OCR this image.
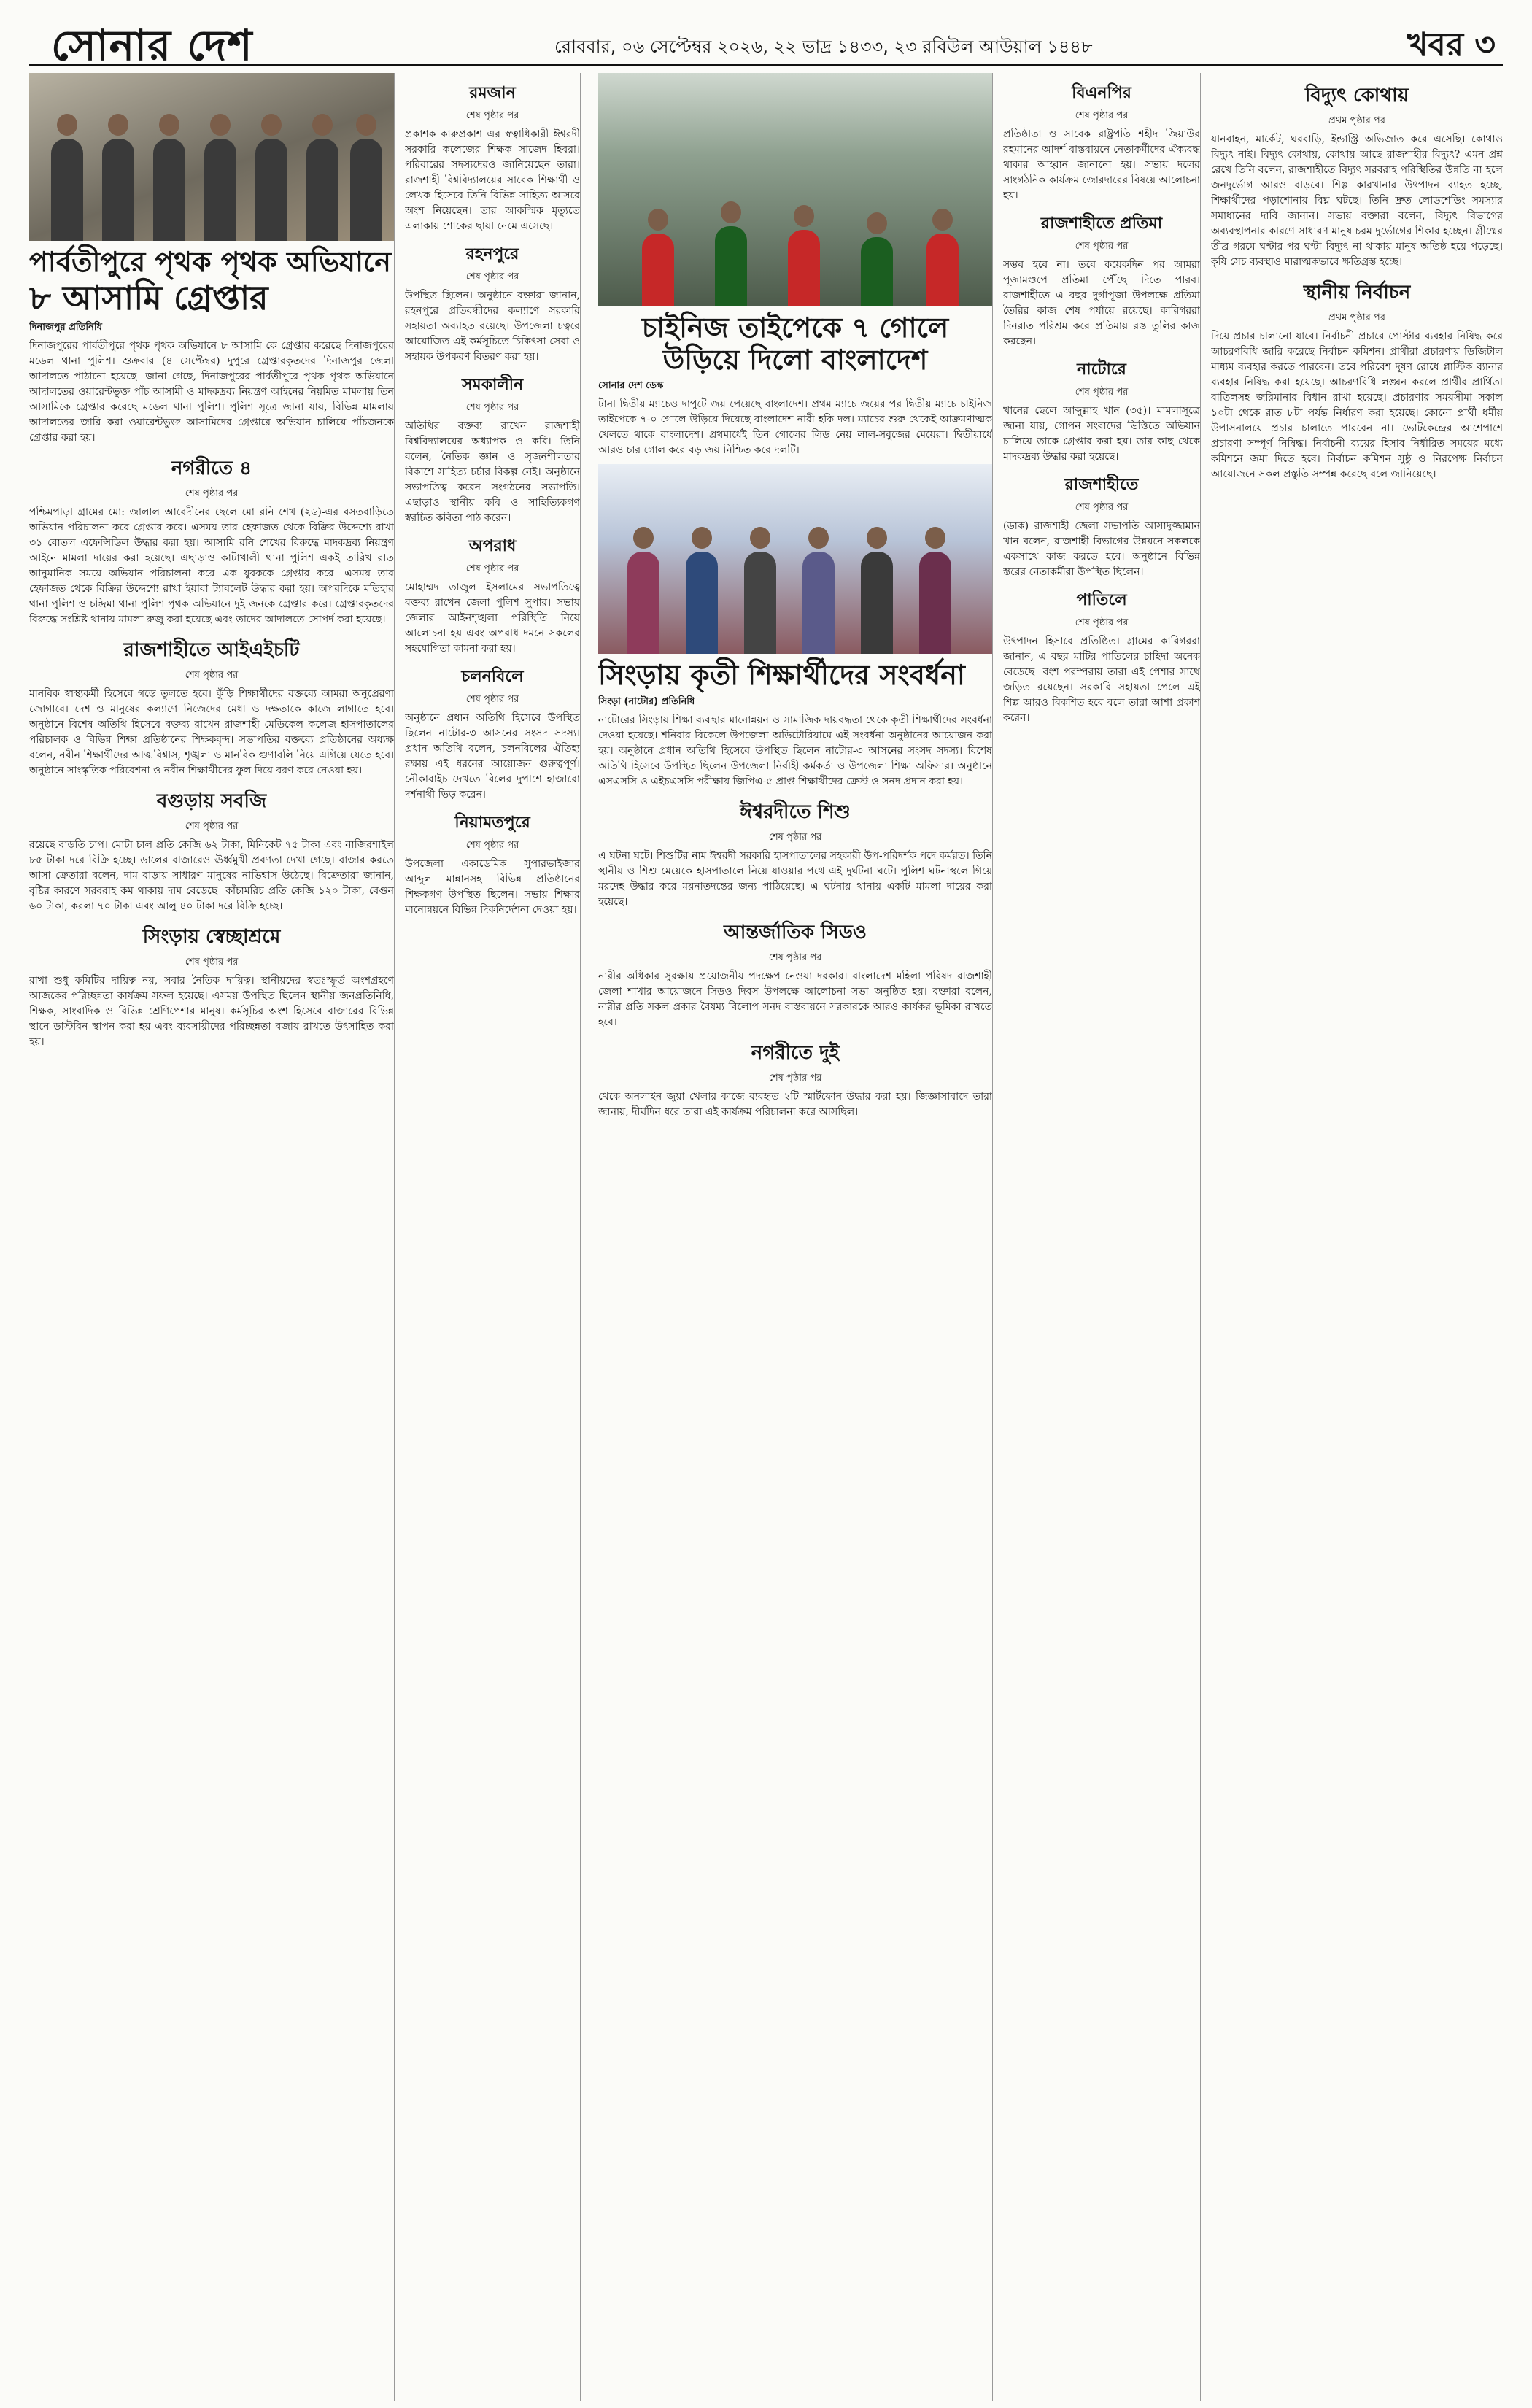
সোনার দেশ	রোববার, ০৬ সেপ্টেম্বর ২০২৬, ২২ ভাদ্র ১৪৩৩, ২৩ রবিউল আউয়াল ১৪৪৮	খবর ৩
পার্বতীপুরে পৃথক পৃথক অভিযানে
৮ আসামি গ্রেপ্তার
দিনাজপুর প্রতিনিধি

দিনাজপুরের পার্বতীপুরে পৃথক পৃথক অভিযানে ৮ আসামি কে গ্রেপ্তার করেছে দিনাজপুরের মডেল থানা পুলিশ। শুক্রবার (৪ সেপ্টেম্বর) দুপুরে গ্রেপ্তারকৃতদের দিনাজপুর জেলা আদালতে পাঠানো হয়েছে। জানা গেছে, দিনাজপুরের পার্বতীপুরে পৃথক পৃথক অভিযানে আদালতের ওয়ারেন্টভুক্ত পাঁচ আসামী ও মাদকদ্রব্য নিয়ন্ত্রণ আইনের নিয়মিত মামলায় তিন আসামিকে গ্রেপ্তার করেছে মডেল থানা পুলিশ। পুলিশ সূত্রে জানা যায়, বিভিন্ন মামলায় আদালতের জারি করা ওয়ারেন্টভুক্ত আসামিদের গ্রেপ্তারে অভিযান চালিয়ে পাঁচজনকে গ্রেপ্তার করা হয়।

নগরীতে ৪
শেষ পৃষ্ঠার পর

পশ্চিমপাড়া গ্রামের মো: জালাল আবেদীনের ছেলে মো রনি শেখ (২৬)-এর বসতবাড়িতে অভিযান পরিচালনা করে গ্রেপ্তার করে। এসময় তার হেফাজত থেকে বিক্রির উদ্দেশ্যে রাখা ৩১ বোতল এফেন্সিডিল উদ্ধার করা হয়। আসামি রনি শেখের বিরুদ্ধে মাদকদ্রব্য নিয়ন্ত্রণ আইনে মামলা দায়ের করা হয়েছে। এছাড়াও কাটাখালী থানা পুলিশ একই তারিখ রাত আনুমানিক সময়ে অভিযান পরিচালনা করে এক যুবককে গ্রেপ্তার করে। এসময় তার হেফাজত থেকে বিক্রির উদ্দেশ্যে রাখা ইয়াবা ট্যাবলেট উদ্ধার করা হয়। অপরদিকে মতিহার থানা পুলিশ ও চন্দ্রিমা থানা পুলিশ পৃথক অভিযানে দুই জনকে গ্রেপ্তার করে। গ্রেপ্তারকৃতদের বিরুদ্ধে সংশ্লিষ্ট থানায় মামলা রুজু করা হয়েছে এবং তাদের আদালতে সোপর্দ করা হয়েছে।

রাজশাহীতে আইএইচটি
শেষ পৃষ্ঠার পর

মানবিক স্বাস্থ্যকর্মী হিসেবে গড়ে তুলতে হবে। কুঁড়ি শিক্ষার্থীদের বক্তব্যে আমরা অনুপ্রেরণা জোগাবে। দেশ ও মানুষের কল্যাণে নিজেদের মেধা ও দক্ষতাকে কাজে লাগাতে হবে। অনুষ্ঠানে বিশেষ অতিথি হিসেবে বক্তব্য রাখেন রাজশাহী মেডিকেল কলেজ হাসপাতালের পরিচালক ও বিভিন্ন শিক্ষা প্রতিষ্ঠানের শিক্ষকবৃন্দ। সভাপতির বক্তব্যে প্রতিষ্ঠানের অধ্যক্ষ বলেন, নবীন শিক্ষার্থীদের আত্মবিশ্বাস, শৃঙ্খলা ও মানবিক গুণাবলি নিয়ে এগিয়ে যেতে হবে। অনুষ্ঠানে সাংস্কৃতিক পরিবেশনা ও নবীন শিক্ষার্থীদের ফুল দিয়ে বরণ করে নেওয়া হয়।

বগুড়ায় সবজি
শেষ পৃষ্ঠার পর

রয়েছে বাড়তি চাপ। মোটা চাল প্রতি কেজি ৬২ টাকা, মিনিকেট ৭৫ টাকা এবং নাজিরশাইল ৮৫ টাকা দরে বিক্রি হচ্ছে। ডালের বাজারেও ঊর্ধ্বমুখী প্রবণতা দেখা গেছে। বাজার করতে আসা ক্রেতারা বলেন, দাম বাড়ায় সাধারণ মানুষের নাভিশ্বাস উঠেছে। বিক্রেতারা জানান, বৃষ্টির কারণে সরবরাহ কম থাকায় দাম বেড়েছে। কাঁচামরিচ প্রতি কেজি ১২০ টাকা, বেগুন ৬০ টাকা, করলা ৭০ টাকা এবং আলু ৪০ টাকা দরে বিক্রি হচ্ছে।

সিংড়ায় স্বেচ্ছাশ্রমে
শেষ পৃষ্ঠার পর

রাখা শুধু কমিটির দায়িত্ব নয়, সবার নৈতিক দায়িত্ব। স্থানীয়দের স্বতঃস্ফূর্ত অংশগ্রহণে আজকের পরিচ্ছন্নতা কার্যক্রম সফল হয়েছে। এসময় উপস্থিত ছিলেন স্থানীয় জনপ্রতিনিধি, শিক্ষক, সাংবাদিক ও বিভিন্ন শ্রেণিপেশার মানুষ। কর্মসূচির অংশ হিসেবে বাজারের বিভিন্ন স্থানে ডাস্টবিন স্থাপন করা হয় এবং ব্যবসায়ীদের পরিচ্ছন্নতা বজায় রাখতে উৎসাহিত করা হয়।

রমজান
শেষ পৃষ্ঠার পর

প্রকাশক কারুপ্রকাশ এর স্বত্বাধিকারী ঈশ্বরদী সরকারি কলেজের শিক্ষক সাজেদ হিবরা। পরিবারের সদস্যদেরও জানিয়েছেন তারা। রাজশাহী বিশ্ববিদ্যালয়ের সাবেক শিক্ষার্থী ও লেখক হিসেবে তিনি বিভিন্ন সাহিত্য আসরে অংশ নিয়েছেন। তার আকস্মিক মৃত্যুতে এলাকায় শোকের ছায়া নেমে এসেছে।

রহনপুরে
শেষ পৃষ্ঠার পর

উপস্থিত ছিলেন। অনুষ্ঠানে বক্তারা জানান, রহনপুরে প্রতিবন্ধীদের কল্যাণে সরকারি সহায়তা অব্যাহত রয়েছে। উপজেলা চত্বরে আয়োজিত এই কর্মসূচিতে চিকিৎসা সেবা ও সহায়ক উপকরণ বিতরণ করা হয়।

সমকালীন
শেষ পৃষ্ঠার পর

অতিথির বক্তব্য রাখেন রাজশাহী বিশ্ববিদ্যালয়ের অধ্যাপক ও কবি। তিনি বলেন, নৈতিক জ্ঞান ও সৃজনশীলতার বিকাশে সাহিত্য চর্চার বিকল্প নেই। অনুষ্ঠানে সভাপতিত্ব করেন সংগঠনের সভাপতি। এছাড়াও স্থানীয় কবি ও সাহিত্যিকগণ স্বরচিত কবিতা পাঠ করেন।

অপরাধ
শেষ পৃষ্ঠার পর

মোহাম্মদ তাজুল ইসলামের সভাপতিত্বে বক্তব্য রাখেন জেলা পুলিশ সুপার। সভায় জেলার আইনশৃঙ্খলা পরিস্থিতি নিয়ে আলোচনা হয় এবং অপরাধ দমনে সকলের সহযোগিতা কামনা করা হয়।

চলনবিলে
শেষ পৃষ্ঠার পর

অনুষ্ঠানে প্রধান অতিথি হিসেবে উপস্থিত ছিলেন নাটোর-৩ আসনের সংসদ সদস্য। প্রধান অতিথি বলেন, চলনবিলের ঐতিহ্য রক্ষায় এই ধরনের আয়োজন গুরুত্বপূর্ণ। নৌকাবাইচ দেখতে বিলের দুপাশে হাজারো দর্শনার্থী ভিড় করেন।

নিয়ামতপুরে
শেষ পৃষ্ঠার পর

উপজেলা একাডেমিক সুপারভাইজার আব্দুল মান্নানসহ বিভিন্ন প্রতিষ্ঠানের শিক্ষকগণ উপস্থিত ছিলেন। সভায় শিক্ষার মানোন্নয়নে বিভিন্ন দিকনির্দেশনা দেওয়া হয়।

চাইনিজ তাইপেকে ৭ গোলে
উড়িয়ে দিলো বাংলাদেশ
সোনার দেশ ডেস্ক

টানা দ্বিতীয় ম্যাচেও দাপুটে জয় পেয়েছে বাংলাদেশ। প্রথম ম্যাচে জয়ের পর দ্বিতীয় ম্যাচে চাইনিজ তাইপেকে ৭-০ গোলে উড়িয়ে দিয়েছে বাংলাদেশ নারী হকি দল। ম্যাচের শুরু থেকেই আক্রমণাত্মক খেলতে থাকে বাংলাদেশ। প্রথমার্ধেই তিন গোলের লিড নেয় লাল-সবুজের মেয়েরা। দ্বিতীয়ার্ধে আরও চার গোল করে বড় জয় নিশ্চিত করে দলটি।

সিংড়ায় কৃতী শিক্ষার্থীদের সংবর্ধনা
সিংড়া (নাটোর) প্রতিনিধি

নাটোরের সিংড়ায় শিক্ষা ব্যবস্থার মানোন্নয়ন ও সামাজিক দায়বদ্ধতা থেকে কৃতী শিক্ষার্থীদের সংবর্ধনা দেওয়া হয়েছে। শনিবার বিকেলে উপজেলা অডিটোরিয়ামে এই সংবর্ধনা অনুষ্ঠানের আয়োজন করা হয়। অনুষ্ঠানে প্রধান অতিথি হিসেবে উপস্থিত ছিলেন নাটোর-৩ আসনের সংসদ সদস্য। বিশেষ অতিথি হিসেবে উপস্থিত ছিলেন উপজেলা নির্বাহী কর্মকর্তা ও উপজেলা শিক্ষা অফিসার। অনুষ্ঠানে এসএসসি ও এইচএসসি পরীক্ষায় জিপিএ-৫ প্রাপ্ত শিক্ষার্থীদের ক্রেস্ট ও সনদ প্রদান করা হয়।

ঈশ্বরদীতে শিশু
শেষ পৃষ্ঠার পর

এ ঘটনা ঘটে। শিশুটির নাম ঈশ্বরদী সরকারি হাসপাতালের সহকারী উপ-পরিদর্শক পদে কর্মরত। তিনি স্থানীয় ও শিশু মেয়েকে হাসপাতালে নিয়ে যাওয়ার পথে এই দুর্ঘটনা ঘটে। পুলিশ ঘটনাস্থলে গিয়ে মরদেহ উদ্ধার করে ময়নাতদন্তের জন্য পাঠিয়েছে। এ ঘটনায় থানায় একটি মামলা দায়ের করা হয়েছে।

আন্তর্জাতিক সিডও
শেষ পৃষ্ঠার পর

নারীর অধিকার সুরক্ষায় প্রয়োজনীয় পদক্ষেপ নেওয়া দরকার। বাংলাদেশ মহিলা পরিষদ রাজশাহী জেলা শাখার আয়োজনে সিডও দিবস উপলক্ষে আলোচনা সভা অনুষ্ঠিত হয়। বক্তারা বলেন, নারীর প্রতি সকল প্রকার বৈষম্য বিলোপ সনদ বাস্তবায়নে সরকারকে আরও কার্যকর ভূমিকা রাখতে হবে।

নগরীতে দুই
শেষ পৃষ্ঠার পর

থেকে অনলাইন জুয়া খেলার কাজে ব্যবহৃত ২টি স্মার্টফোন উদ্ধার করা হয়। জিজ্ঞাসাবাদে তারা জানায়, দীর্ঘদিন ধরে তারা এই কার্যক্রম পরিচালনা করে আসছিল।

বিএনপির
শেষ পৃষ্ঠার পর

প্রতিষ্ঠাতা ও সাবেক রাষ্ট্রপতি শহীদ জিয়াউর রহমানের আদর্শ বাস্তবায়নে নেতাকর্মীদের ঐক্যবদ্ধ থাকার আহ্বান জানানো হয়। সভায় দলের সাংগঠনিক কার্যক্রম জোরদারের বিষয়ে আলোচনা হয়।

রাজশাহীতে প্রতিমা
শেষ পৃষ্ঠার পর

সম্ভব হবে না। তবে কয়েকদিন পর আমরা পূজামণ্ডপে প্রতিমা পৌঁছে দিতে পারব। রাজশাহীতে এ বছর দুর্গাপূজা উপলক্ষে প্রতিমা তৈরির কাজ শেষ পর্যায়ে রয়েছে। কারিগররা দিনরাত পরিশ্রম করে প্রতিমায় রঙ তুলির কাজ করছেন।

নাটোরে
শেষ পৃষ্ঠার পর

খানের ছেলে আব্দুল্লাহ খান (৩৫)। মামলাসূত্রে জানা যায়, গোপন সংবাদের ভিত্তিতে অভিযান চালিয়ে তাকে গ্রেপ্তার করা হয়। তার কাছ থেকে মাদকদ্রব্য উদ্ধার করা হয়েছে।

রাজশাহীতে
শেষ পৃষ্ঠার পর

(ডাক) রাজশাহী জেলা সভাপতি আসাদুজ্জামান খান বলেন, রাজশাহী বিভাগের উন্নয়নে সকলকে একসাথে কাজ করতে হবে। অনুষ্ঠানে বিভিন্ন স্তরের নেতাকর্মীরা উপস্থিত ছিলেন।

পাতিলে
শেষ পৃষ্ঠার পর

উৎপাদন হিসাবে প্রতিষ্ঠিত। গ্রামের কারিগররা জানান, এ বছর মাটির পাতিলের চাহিদা অনেক বেড়েছে। বংশ পরম্পরায় তারা এই পেশার সাথে জড়িত রয়েছেন। সরকারি সহায়তা পেলে এই শিল্প আরও বিকশিত হবে বলে তারা আশা প্রকাশ করেন।

বিদ্যুৎ কোথায়
প্রথম পৃষ্ঠার পর

যানবাহন, মার্কেট, ঘরবাড়ি, ইন্ডাস্ট্রি অভিজাত করে এসেছি। কোথাও বিদ্যুৎ নাই। বিদ্যুৎ কোথায়, কোথায় আছে রাজশাহীর বিদ্যুৎ? এমন প্রশ্ন রেখে তিনি বলেন, রাজশাহীতে বিদ্যুৎ সরবরাহ পরিস্থিতির উন্নতি না হলে জনদুর্ভোগ আরও বাড়বে। শিল্প কারখানার উৎপাদন ব্যাহত হচ্ছে, শিক্ষার্থীদের পড়াশোনায় বিঘ্ন ঘটছে। তিনি দ্রুত লোডশেডিং সমস্যার সমাধানের দাবি জানান। সভায় বক্তারা বলেন, বিদ্যুৎ বিভাগের অব্যবস্থাপনার কারণে সাধারণ মানুষ চরম দুর্ভোগের শিকার হচ্ছেন। গ্রীষ্মের তীব্র গরমে ঘণ্টার পর ঘণ্টা বিদ্যুৎ না থাকায় মানুষ অতিষ্ঠ হয়ে পড়েছে। কৃষি সেচ ব্যবস্থাও মারাত্মকভাবে ক্ষতিগ্রস্ত হচ্ছে।

স্থানীয় নির্বাচন
প্রথম পৃষ্ঠার পর

দিয়ে প্রচার চালানো যাবে। নির্বাচনী প্রচারে পোস্টার ব্যবহার নিষিদ্ধ করে আচরণবিধি জারি করেছে নির্বাচন কমিশন। প্রার্থীরা প্রচারণায় ডিজিটাল মাধ্যম ব্যবহার করতে পারবেন। তবে পরিবেশ দূষণ রোধে প্লাস্টিক ব্যানার ব্যবহার নিষিদ্ধ করা হয়েছে। আচরণবিধি লঙ্ঘন করলে প্রার্থীর প্রার্থিতা বাতিলসহ জরিমানার বিধান রাখা হয়েছে। প্রচারণার সময়সীমা সকাল ১০টা থেকে রাত ৮টা পর্যন্ত নির্ধারণ করা হয়েছে। কোনো প্রার্থী ধর্মীয় উপাসনালয়ে প্রচার চালাতে পারবেন না। ভোটকেন্দ্রের আশেপাশে প্রচারণা সম্পূর্ণ নিষিদ্ধ। নির্বাচনী ব্যয়ের হিসাব নির্ধারিত সময়ের মধ্যে কমিশনে জমা দিতে হবে। নির্বাচন কমিশন সুষ্ঠু ও নিরপেক্ষ নির্বাচন আয়োজনে সকল প্রস্তুতি সম্পন্ন করেছে বলে জানিয়েছে।
